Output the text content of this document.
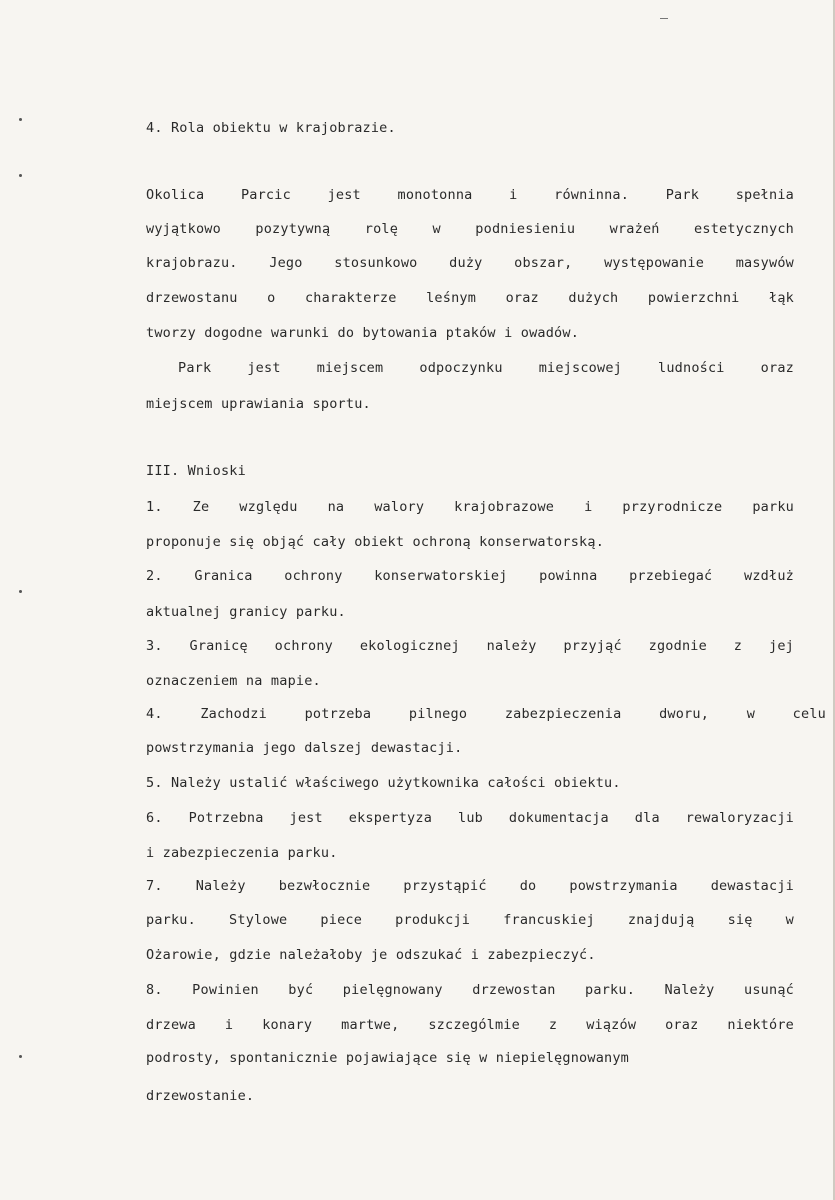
4. Rola obiektu w krajobrazie.
Okolica Parcic jest monotonna i równinna. Park spełnia
wyjątkowo pozytywną rolę w podniesieniu wrażeń estetycznych
krajobrazu. Jego stosunkowo duży obszar, występowanie masywów
drzewostanu o charakterze leśnym oraz dużych powierzchni łąk
tworzy dogodne warunki do bytowania ptaków i owadów.
Park jest miejscem odpoczynku miejscowej ludności oraz
miejscem uprawiania sportu.
III. Wnioski
1. Ze względu na walory krajobrazowe i przyrodnicze parku
proponuje się objąć cały obiekt ochroną konserwatorską.
2. Granica ochrony konserwatorskiej powinna przebiegać wzdłuż
aktualnej granicy parku.
3. Granicę ochrony ekologicznej należy przyjąć zgodnie z jej
oznaczeniem na mapie.
4. Zachodzi potrzeba pilnego zabezpieczenia dworu, w celu
powstrzymania jego dalszej dewastacji.
5. Należy ustalić właściwego użytkownika całości obiektu.
6. Potrzebna jest ekspertyza lub dokumentacja dla rewaloryzacji
i zabezpieczenia parku.
7. Należy bezwłocznie przystąpić do powstrzymania dewastacji
parku. Stylowe piece produkcji francuskiej znajdują się w
Ożarowie, gdzie należałoby je odszukać i zabezpieczyć.
8. Powinien być pielęgnowany drzewostan parku. Należy usunąć
drzewa i konary martwe, szczególmie z wiązów oraz niektóre
podrosty, spontanicznie pojawiające się w niepielęgnowanym
drzewostanie.
